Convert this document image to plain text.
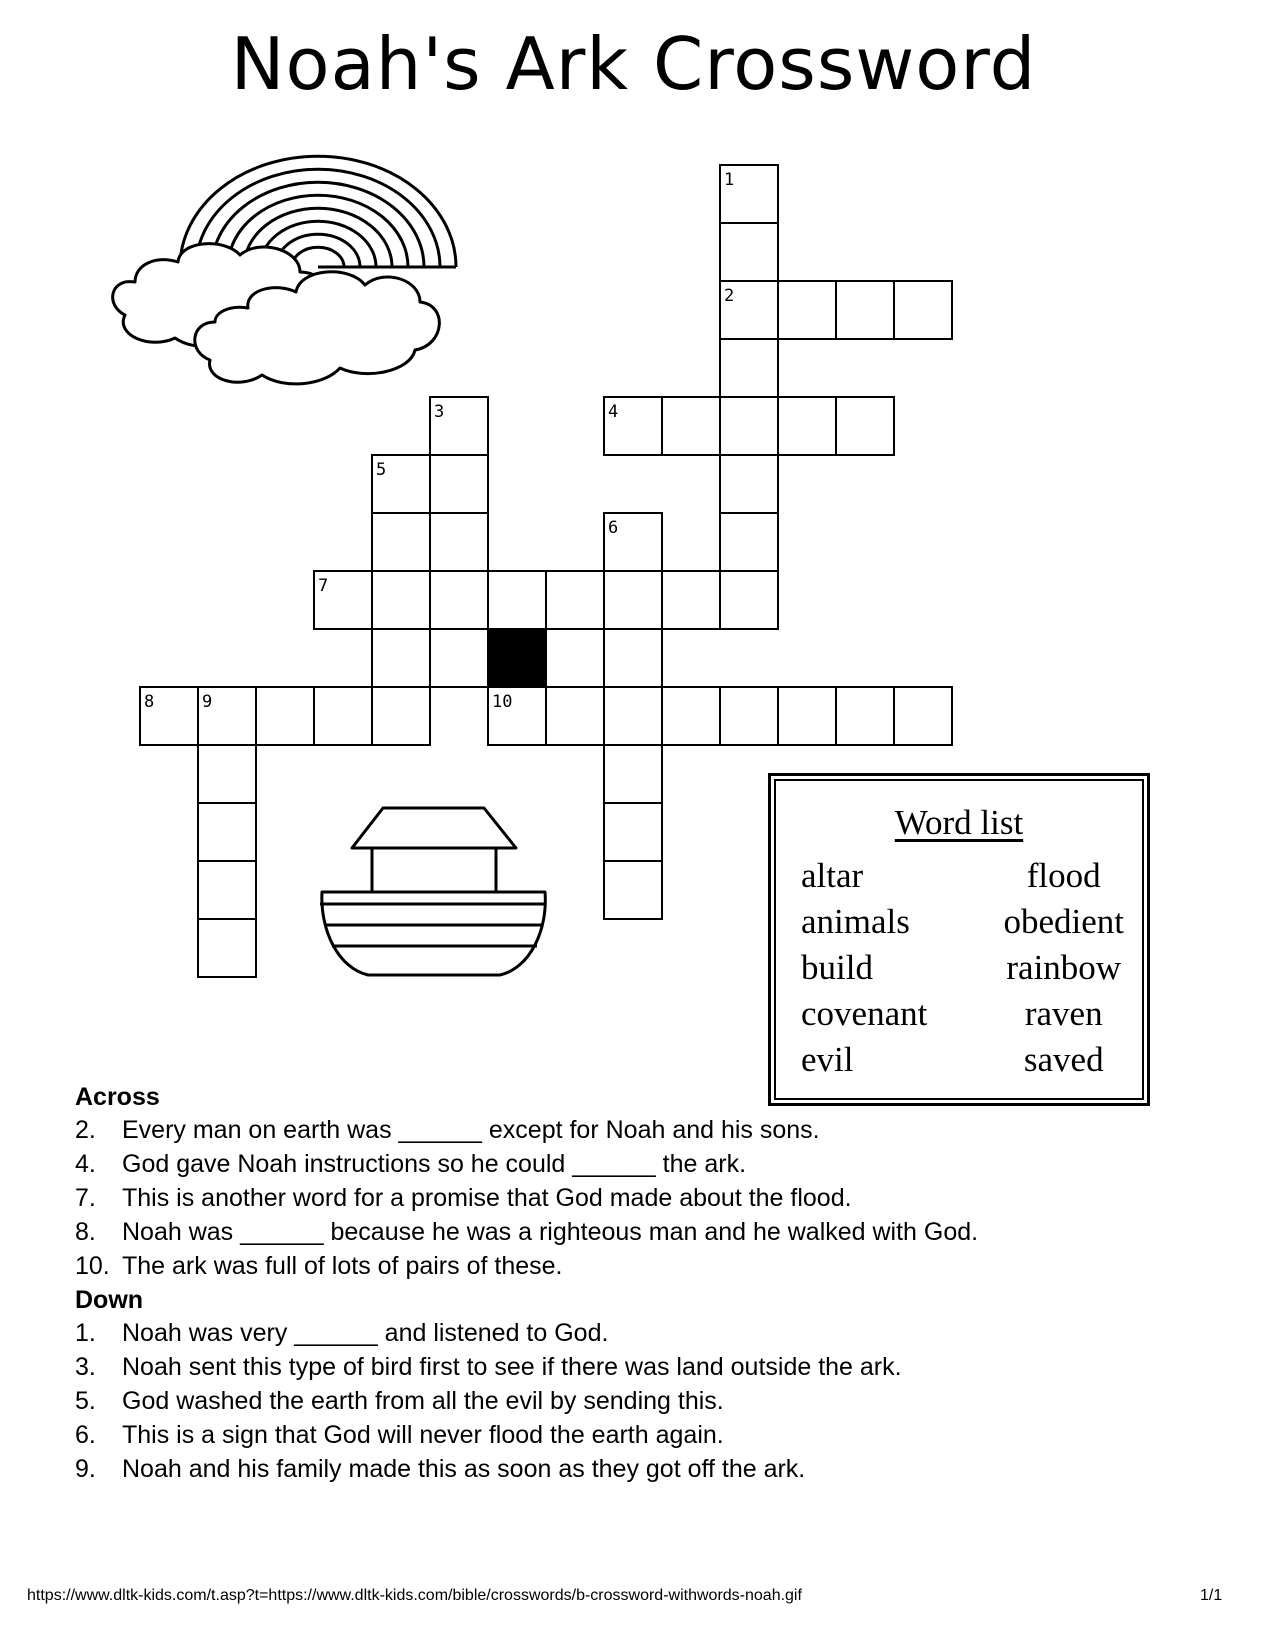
Noah's Ark Crossword
1
2
3	4
5
6
7
8	9	10
Word list
altar
animals
build
covenant
evil
flood
obedient
rainbow
raven
saved
Across
2. Every man on earth was ______ except for Noah and his sons.
4. God gave Noah instructions so he could ______ the ark.
7. This is another word for a promise that God made about the flood.
8. Noah was ______ because he was a righteous man and he walked with God.
10. The ark was full of lots of pairs of these.
Down
1. Noah was very ______ and listened to God.
3. Noah sent this type of bird first to see if there was land outside the ark.
5. God washed the earth from all the evil by sending this.
6. This is a sign that God will never flood the earth again.
9. Noah and his family made this as soon as they got off the ark.
https://www.dltk-kids.com/t.asp?t=https://www.dltk-kids.com/bible/crosswords/b-crossword-withwords-noah.gif	1/1
